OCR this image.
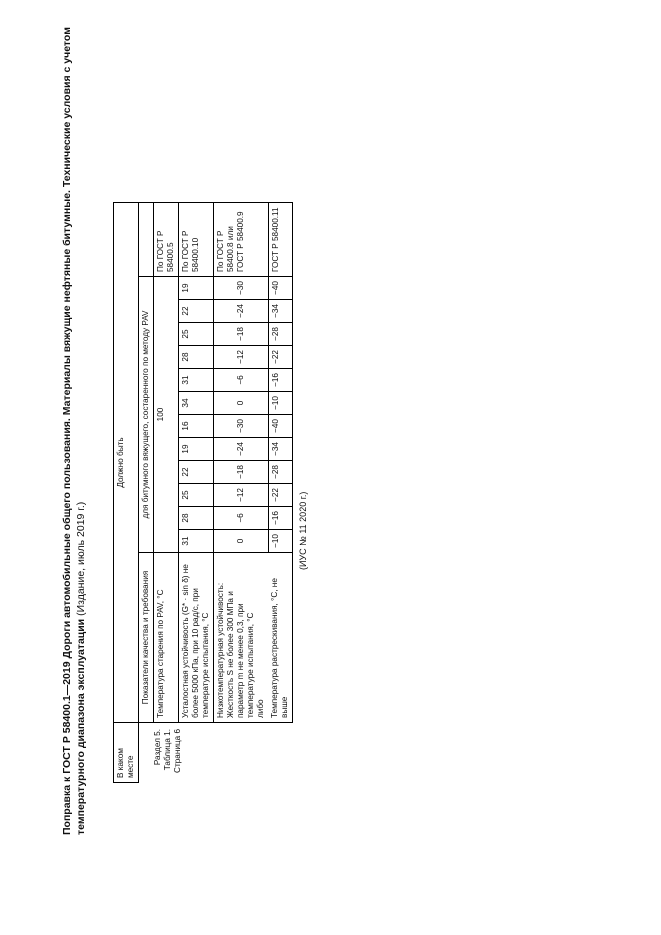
Поправка к ГОСТ Р 58400.1—2019 Дороги автомобильные общего пользования. Материалы вяжущие нефтяные битумные. Технические условия с учетом температурного диапазона эксплуатации (Издание, июль 2019 г.)
В каком месте	Должно быть													

Раздел 5. Таблица 1. Страница 6	Показатели качества и требования	для битумного вяжущего, состаренного по методу PAV												
	Температура старения по PAV, °С	100												По ГОСТ Р 58400.5
	Усталостная устойчивость (G* · sin δ) не более 5000 кПа, при 10 рад/с, при температуре испытания, °С	31	28	25	22	19	16	34	31	28	25	22	19	По ГОСТ Р 58400.10

	Низкотемпературная устойчивость: Жесткость S не более 300 МПа и параметр m не менее 0,3, при температуре испытания, °С либо	0	−6	−12	−18	−24	−30	0	−6	−12	−18	−24	−30	По ГОСТ Р 58400.8 или ГОСТ Р 58400.9
	Температура растрескивания, °С, не выше	−10	−16	−22	−28	−34	−40	−10	−16	−22	−28	−34	−40	ГОСТ Р 58400.11
(ИУС № 11 2020 г.)
